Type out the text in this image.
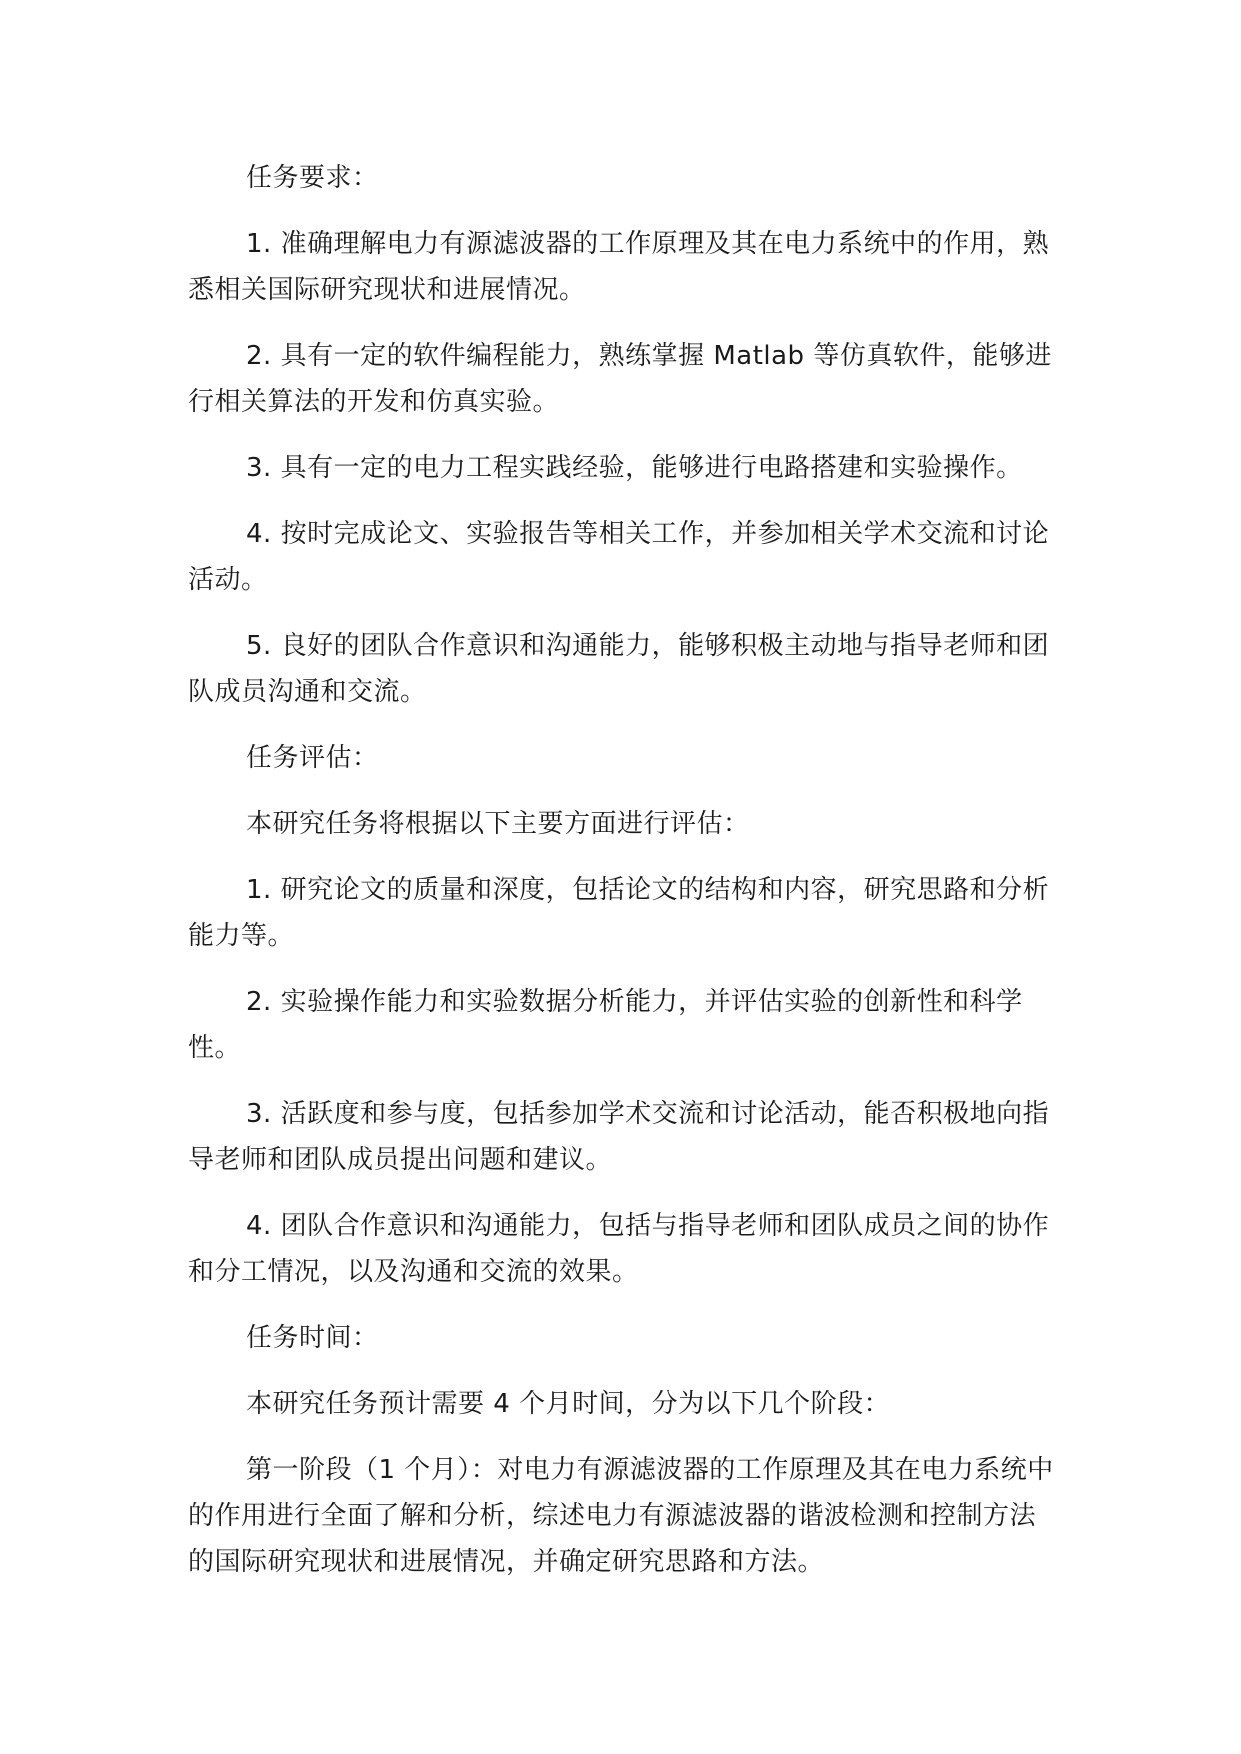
任务要求：

1. 准确理解电力有源滤波器的工作原理及其在电力系统中的作用，熟悉相关国际研究现状和进展情况。

2. 具有一定的软件编程能力，熟练掌握 Matlab 等仿真软件，能够进行相关算法的开发和仿真实验。

3. 具有一定的电力工程实践经验，能够进行电路搭建和实验操作。

4. 按时完成论文、实验报告等相关工作，并参加相关学术交流和讨论活动。

5. 良好的团队合作意识和沟通能力，能够积极主动地与指导老师和团队成员沟通和交流。

任务评估：

本研究任务将根据以下主要方面进行评估：

1. 研究论文的质量和深度，包括论文的结构和内容，研究思路和分析能力等。

2. 实验操作能力和实验数据分析能力，并评估实验的创新性和科学性。

3. 活跃度和参与度，包括参加学术交流和讨论活动，能否积极地向指导老师和团队成员提出问题和建议。

4. 团队合作意识和沟通能力，包括与指导老师和团队成员之间的协作和分工情况，以及沟通和交流的效果。

任务时间：

本研究任务预计需要 4 个月时间，分为以下几个阶段：

第一阶段（1 个月）：对电力有源滤波器的工作原理及其在电力系统中的作用进行全面了解和分析，综述电力有源滤波器的谐波检测和控制方法的国际研究现状和进展情况，并确定研究思路和方法。
